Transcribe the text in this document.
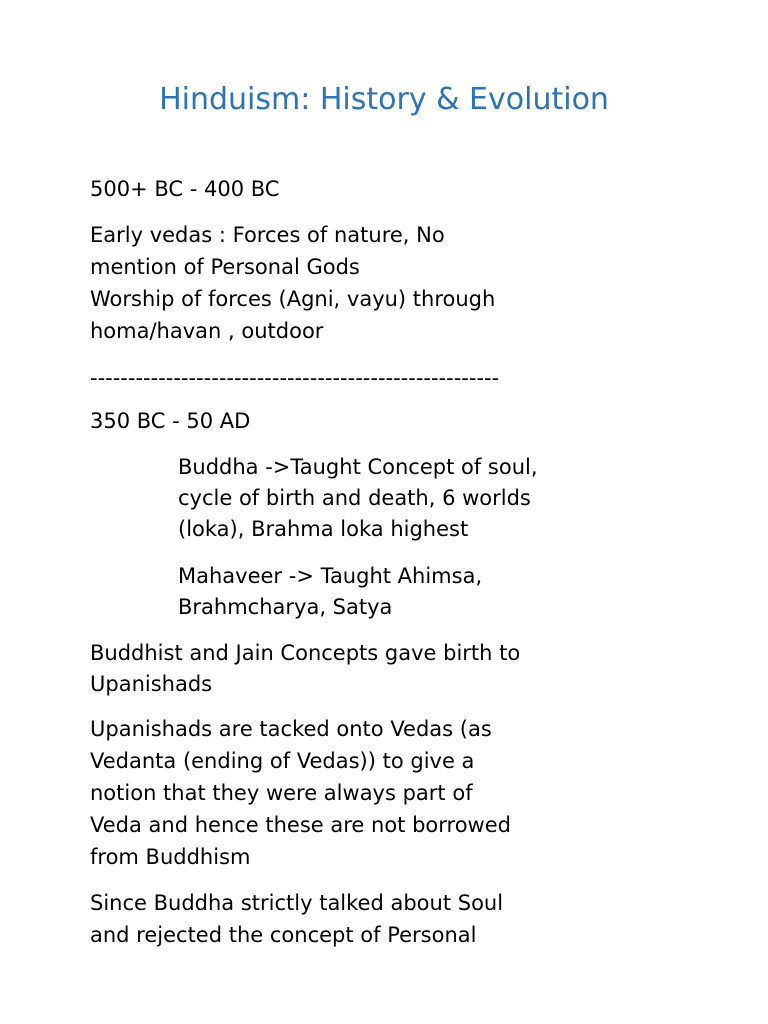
Hinduism: History & Evolution
500+ BC - 400 BC
Early vedas : Forces of nature, No
mention of Personal Gods
Worship of forces (Agni, vayu) through
homa/havan , outdoor
------------------------------------------------------
350 BC - 50 AD
Buddha ->Taught Concept of soul,
cycle of birth and death, 6 worlds
(loka), Brahma loka highest
Mahaveer -> Taught Ahimsa,
Brahmcharya, Satya
Buddhist and Jain Concepts gave birth to
Upanishads
Upanishads are tacked onto Vedas (as
Vedanta (ending of Vedas)) to give a
notion that they were always part of
Veda and hence these are not borrowed
from Buddhism
Since Buddha strictly talked about Soul
and rejected the concept of Personal
